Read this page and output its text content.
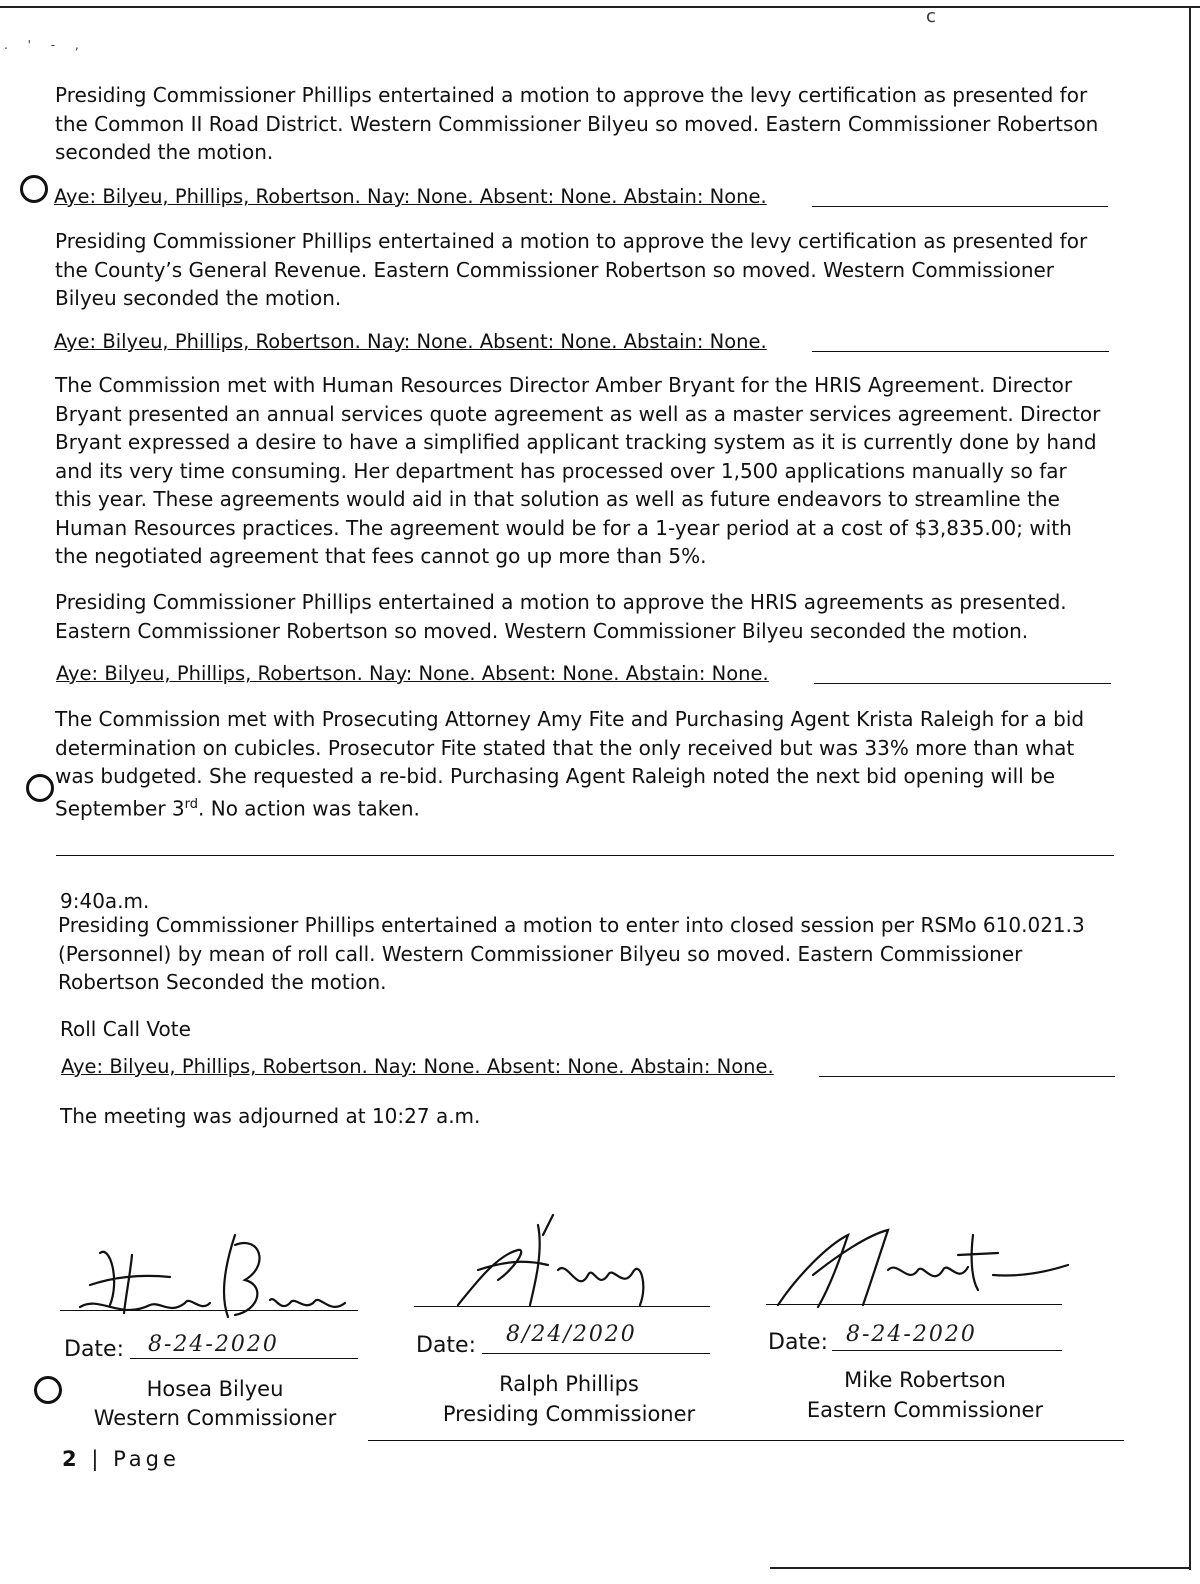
. ' - ,
c

Presiding Commissioner Phillips entertained a motion to approve the levy certification as presented for the Common II Road District. Western Commissioner Bilyeu so moved. Eastern Commissioner Robertson seconded the motion.

Aye: Bilyeu, Phillips, Robertson. Nay: None. Absent: None. Abstain: None.

Presiding Commissioner Phillips entertained a motion to approve the levy certification as presented for the County’s General Revenue. Eastern Commissioner Robertson so moved. Western Commissioner Bilyeu seconded the motion.

Aye: Bilyeu, Phillips, Robertson. Nay: None. Absent: None. Abstain: None.

The Commission met with Human Resources Director Amber Bryant for the HRIS Agreement. Director Bryant presented an annual services quote agreement as well as a master services agreement. Director Bryant expressed a desire to have a simplified applicant tracking system as it is currently done by hand and its very time consuming. Her department has processed over 1,500 applications manually so far this year. These agreements would aid in that solution as well as future endeavors to streamline the Human Resources practices. The agreement would be for a 1-year period at a cost of $3,835.00; with the negotiated agreement that fees cannot go up more than 5%.

Presiding Commissioner Phillips entertained a motion to approve the HRIS agreements as presented. Eastern Commissioner Robertson so moved. Western Commissioner Bilyeu seconded the motion.

Aye: Bilyeu, Phillips, Robertson. Nay: None. Absent: None. Abstain: None.

The Commission met with Prosecuting Attorney Amy Fite and Purchasing Agent Krista Raleigh for a bid determination on cubicles. Prosecutor Fite stated that the only received but was 33% more than what was budgeted. She requested a re-bid. Purchasing Agent Raleigh noted the next bid opening will be September 3rd. No action was taken.

9:40a.m.

Presiding Commissioner Phillips entertained a motion to enter into closed session per RSMo 610.021.3 (Personnel) by mean of roll call. Western Commissioner Bilyeu so moved. Eastern Commissioner Robertson Seconded the motion.

Roll Call Vote
Aye: Bilyeu, Phillips, Robertson. Nay: None. Absent: None. Abstain: None.
The meeting was adjourned at 10:27 a.m.
Date: 8-24-2020
Hosea Bilyeu
Western Commissioner
Date: 8/24/2020
Ralph Phillips
Presiding Commissioner
Date: 8-24-2020
Mike Robertson
Eastern Commissioner
2 | Page
